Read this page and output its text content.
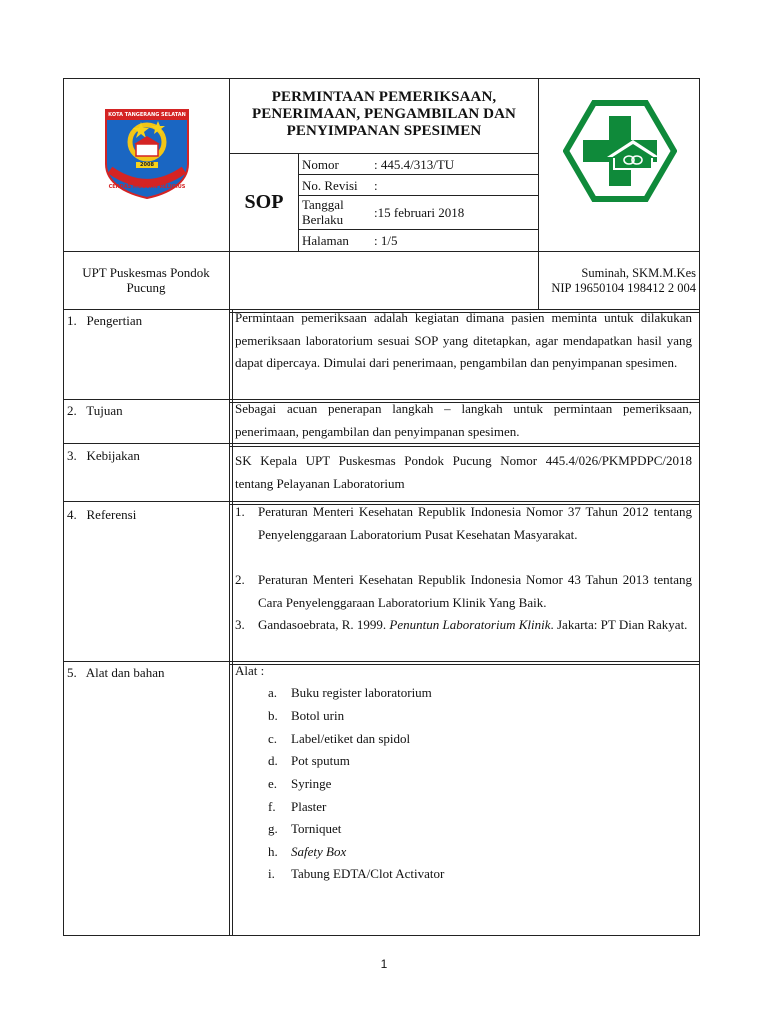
KOTA TANGERANG SELATAN
2008
CERDAS MODERN RELIGIUS
PERMINTAAN PEMERIKSAAN, PENERIMAAN, PENGAMBILAN DAN PENYIMPANAN SPESIMEN
SOP
Nomor	: 445.4/313/TU
No. Revisi :
Tanggal Berlaku	:15 februari 2018
Halaman : 1/5
UPT Puskesmas Pondok Pucung
Suminah, SKM.M.Kes
NIP 19650104 198412 2 004
1.   Pengertian	Permintaan pemeriksaan adalah kegiatan dimana pasien meminta untuk dilakukan pemeriksaan laboratorium sesuai SOP yang ditetapkan, agar mendapatkan hasil yang dapat dipercaya. Dimulai dari penerimaan, pengambilan dan penyimpanan spesimen.
2.   Tujuan	Sebagai acuan penerapan langkah – langkah untuk permintaan pemeriksaan, penerimaan, pengambilan dan penyimpanan spesimen.
3.   Kebijakan	SK Kepala UPT Puskesmas Pondok Pucung Nomor 445.4/026/PKMPDPC/2018 tentang Pelayanan Laboratorium
4.   Referensi	1. Peraturan Menteri Kesehatan Republik Indonesia Nomor 37 Tahun 2012 tentang Penyelenggaraan Laboratorium Pusat Kesehatan Masyarakat.
2. Peraturan Menteri Kesehatan Republik Indonesia Nomor 43 Tahun 2013 tentang Cara Penyelenggaraan Laboratorium Klinik Yang Baik.
3. Gandasoebrata, R. 1999. Penuntun Laboratorium Klinik. Jakarta: PT Dian Rakyat.
5.   Alat dan bahan	Alat :
a. Buku register laboratorium
b. Botol urin
c. Label/etiket dan spidol
d. Pot sputum
e. Syringe
f. Plaster
g. Torniquet
h. Safety Box
i. Tabung EDTA/Clot Activator
1
